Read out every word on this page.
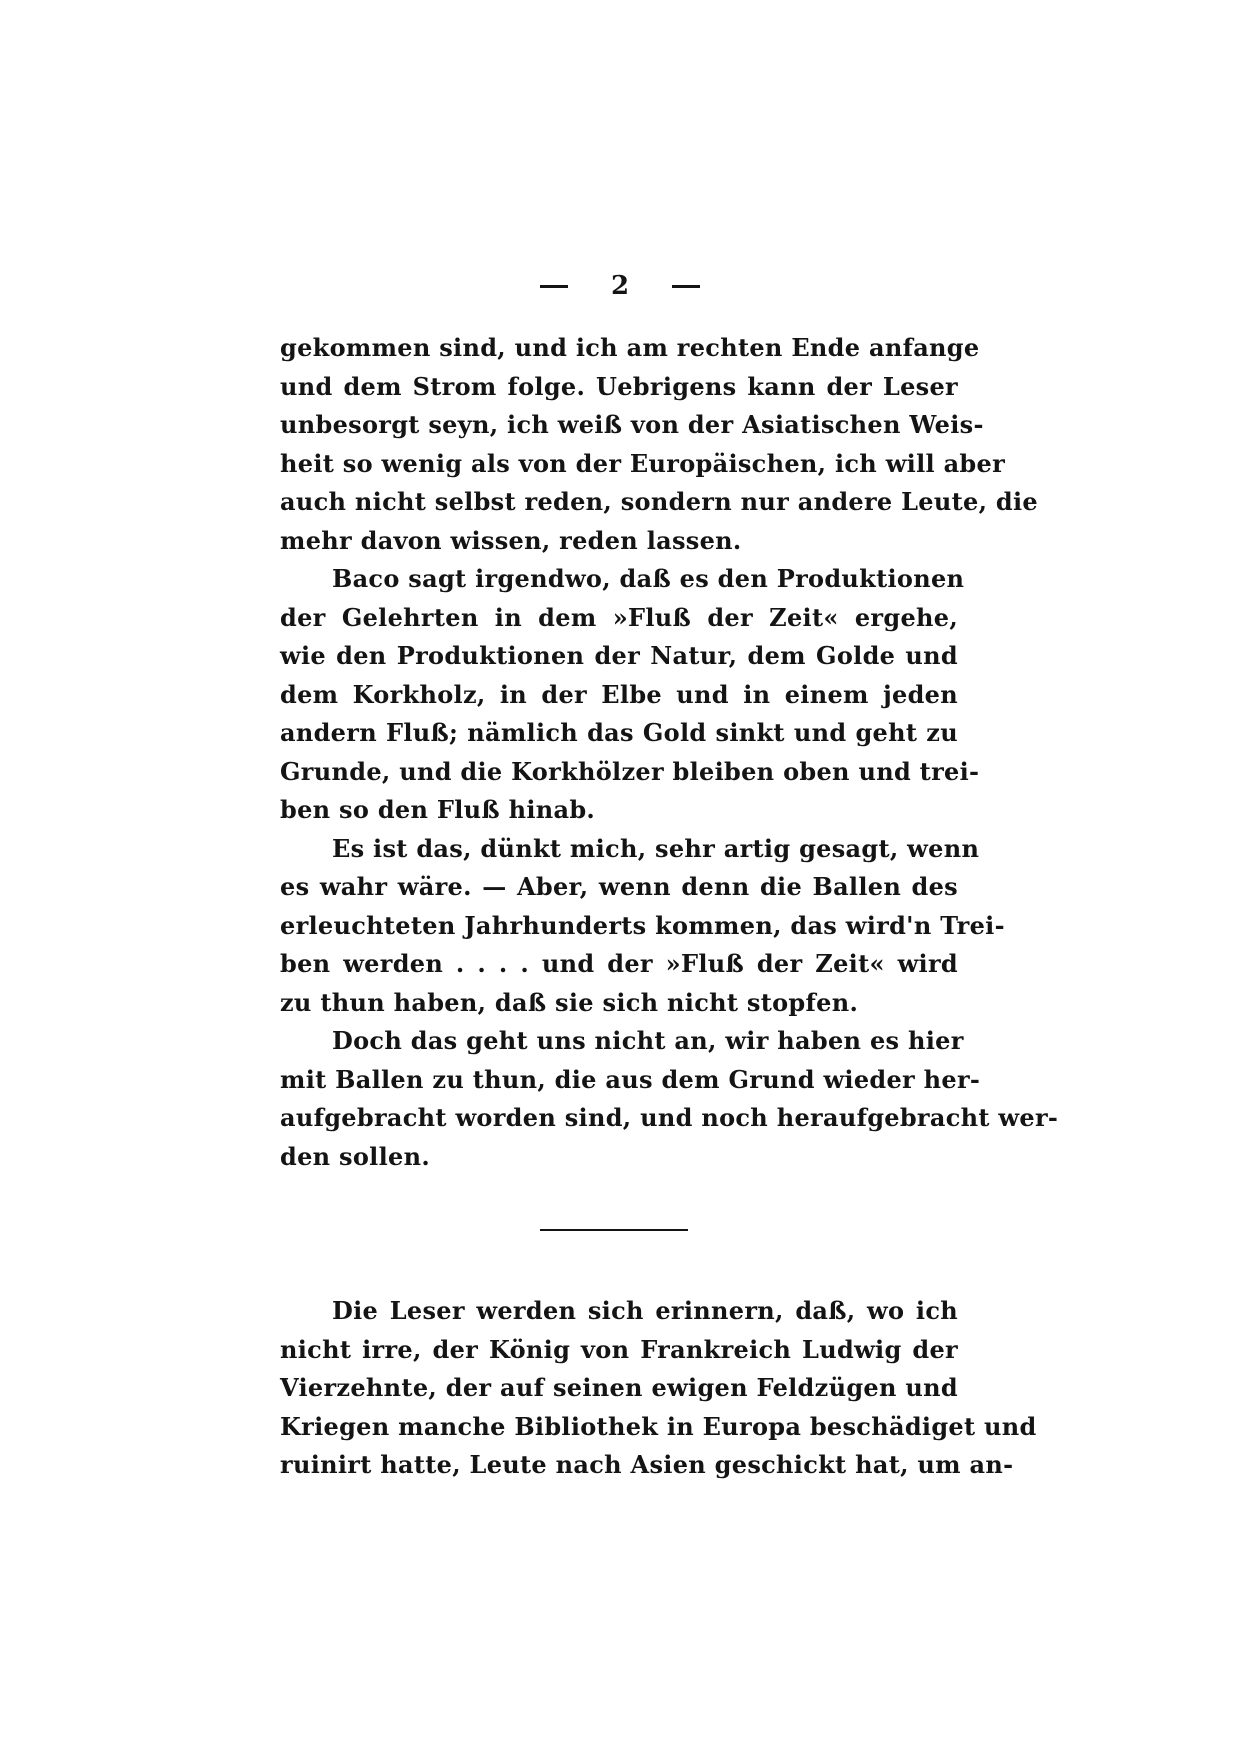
2
gekommen sind, und ich am rechten Ende anfange
und dem Strom folge. Uebrigens kann der Leser
unbesorgt seyn, ich weiß von der Asiatischen Weis-
heit so wenig als von der Europäischen, ich will aber
auch nicht selbst reden, sondern nur andere Leute, die
mehr davon wissen, reden lassen.
Baco sagt irgendwo, daß es den Produktionen
der Gelehrten in dem »Fluß der Zeit« ergehe,
wie den Produktionen der Natur, dem Golde und
dem Korkholz, in der Elbe und in einem jeden
andern Fluß; nämlich das Gold sinkt und geht zu
Grunde, und die Korkhölzer bleiben oben und trei-
ben so den Fluß hinab.
Es ist das, dünkt mich, sehr artig gesagt, wenn
es wahr wäre. — Aber, wenn denn die Ballen des
erleuchteten Jahrhunderts kommen, das wird'n Trei-
ben werden . . . . und der »Fluß der Zeit« wird
zu thun haben, daß sie sich nicht stopfen.
Doch das geht uns nicht an, wir haben es hier
mit Ballen zu thun, die aus dem Grund wieder her-
aufgebracht worden sind, und noch heraufgebracht wer-
den sollen.
Die Leser werden sich erinnern, daß, wo ich
nicht irre, der König von Frankreich Ludwig der
Vierzehnte, der auf seinen ewigen Feldzügen und
Kriegen manche Bibliothek in Europa beschädiget und
ruinirt hatte, Leute nach Asien geschickt hat, um an-
